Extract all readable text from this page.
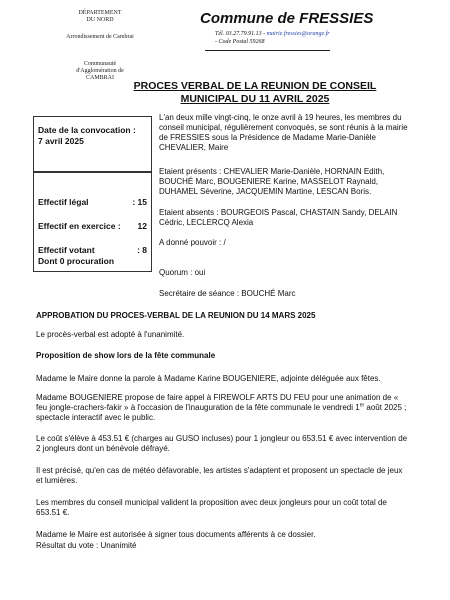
DÉPARTEMENT
DU NORD
Arrondissement de Cambrai
Communauté
d'Agglomération de
CAMBRAI
Commune de FRESSIES
Tél. 03.27.79.91.13 - mairie.fressies@orange.fr
- Code Postal 59268
PROCES VERBAL DE LA REUNION DE CONSEIL
MUNICIPAL DU 11 AVRIL 2025
Date de la convocation :
7 avril 2025
Effectif légal	: 15
Effectif en exercice : 12
Effectif votant	: 8
Dont 0 procuration
L'an deux mille vingt-cinq, le onze avril à 19 heures, les membres du conseil municipal, régulièrement convoqués, se sont réunis à la mairie de FRESSIES sous la Présidence de Madame Marie-Danièle CHEVALIER, Maire
Etaient présents : CHEVALIER Marie-Danièle, HORNAIN Edith, BOUCHÉ Marc, BOUGENIERE Karine, MASSELOT Raynald, DUHAMEL Séverine, JACQUEMIN Martine, LESCAN Boris.
Etaient absents : BOURGEOIS Pascal, CHASTAIN Sandy, DELAIN Cédric, LECLERCQ Alexia
A donné pouvoir : /
Quorum : oui
Secrétaire de séance : BOUCHÉ Marc
APPROBATION DU PROCES-VERBAL DE LA REUNION DU 14 MARS 2025
Le procès-verbal est adopté à l'unanimité.
Proposition de show lors de la fête communale
Madame le Maire donne la parole à Madame Karine BOUGENIERE, adjointe déléguée aux fêtes.
Madame BOUGENIERE propose de faire appel à FIREWOLF ARTS DU FEU pour une animation de « feu jongle-crachers-fakir » à l'occasion de l'inauguration de la fête communale le vendredi 1er août 2025 ; spectacle interactif avec le public.
Le coût s'élève à 453.51 € (charges au GUSO incluses) pour 1 jongleur ou 653.51 € avec intervention de 2 jongleurs dont un bénévole défrayé.
Il est précisé, qu'en cas de météo défavorable, les artistes s'adaptent et proposent un spectacle de jeux et lumières.
Les membres du conseil municipal valident la proposition avec deux jongleurs pour un coût total de 653.51 €.
Madame le Maire est autorisée à signer tous documents afférents à ce dossier.
Résultat du vote : Unanimité
